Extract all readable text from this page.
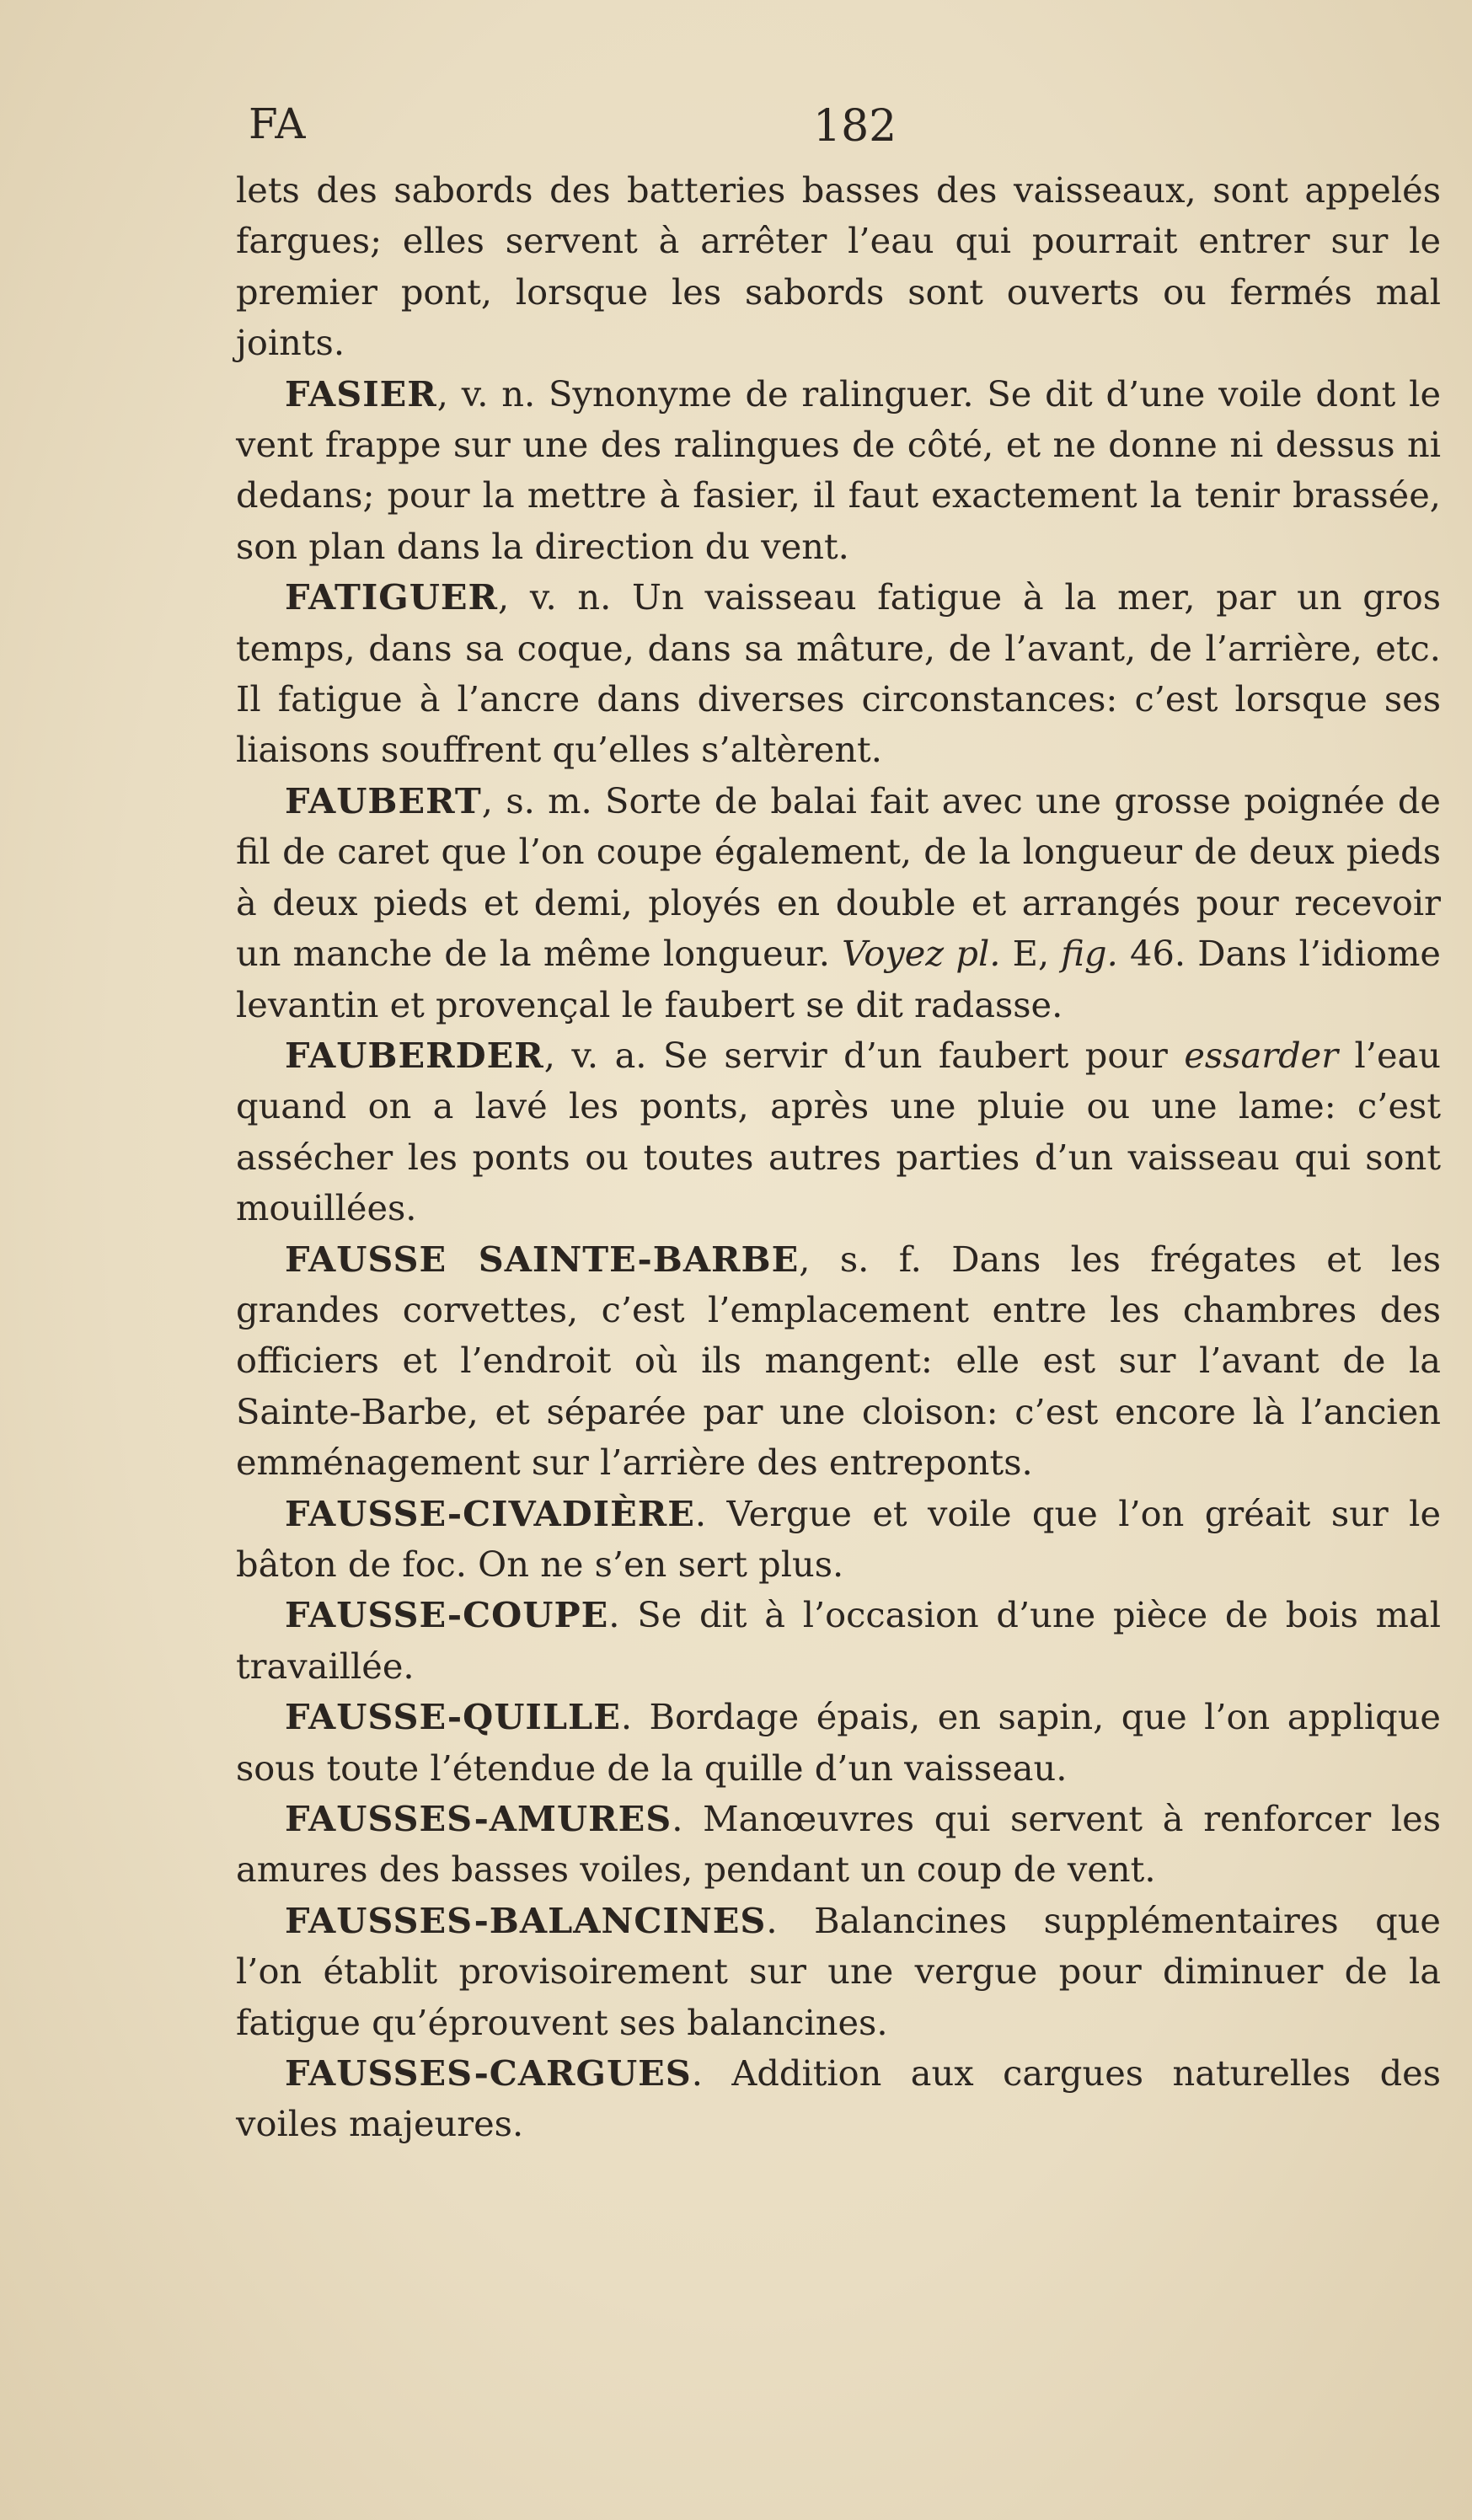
FA	182

lets des sabords des batteries basses des vaisseaux, sont appelés fargues; elles servent à arrêter l’eau qui pourrait entrer sur le premier pont, lorsque les sabords sont ouverts ou fermés mal joints.

FASIER, v. n. Synonyme de ralinguer. Se dit d’une voile dont le vent frappe sur une des ralingues de côté, et ne donne ni dessus ni dedans; pour la mettre à fasier, il faut exactement la tenir brassée, son plan dans la direction du vent.

FATIGUER, v. n. Un vaisseau fatigue à la mer, par un gros temps, dans sa coque, dans sa mâture, de l’avant, de l’arrière, etc. Il fatigue à l’ancre dans diverses circonstances: c’est lorsque ses liaisons souffrent qu’elles s’altèrent.

FAUBERT, s. m. Sorte de balai fait avec une grosse poignée de fil de caret que l’on coupe également, de la longueur de deux pieds à deux pieds et demi, ployés en double et arrangés pour recevoir un manche de la même longueur. Voyez pl. E, fig. 46. Dans l’idiome levantin et provençal le faubert se dit radasse.

FAUBERDER, v. a. Se servir d’un faubert pour essarder l’eau quand on a lavé les ponts, après une pluie ou une lame: c’est assécher les ponts ou toutes autres parties d’un vaisseau qui sont mouillées.

FAUSSE SAINTE-BARBE, s. f. Dans les frégates et les grandes corvettes, c’est l’emplacement entre les chambres des officiers et l’endroit où ils mangent: elle est sur l’avant de la Sainte-Barbe, et séparée par une cloison: c’est encore là l’ancien emménagement sur l’arrière des entreponts.

FAUSSE-CIVADIÈRE. Vergue et voile que l’on gréait sur le bâton de foc. On ne s’en sert plus.

FAUSSE-COUPE. Se dit à l’occasion d’une pièce de bois mal travaillée.

FAUSSE-QUILLE. Bordage épais, en sapin, que l’on applique sous toute l’étendue de la quille d’un vaisseau.

FAUSSES-AMURES. Manœuvres qui servent à renforcer les amures des basses voiles, pendant un coup de vent.

FAUSSES-BALANCINES. Balancines supplémentaires que l’on établit provisoirement sur une vergue pour diminuer de la fatigue qu’éprouvent ses balancines.

FAUSSES-CARGUES. Addition aux cargues naturelles des voiles majeures.
